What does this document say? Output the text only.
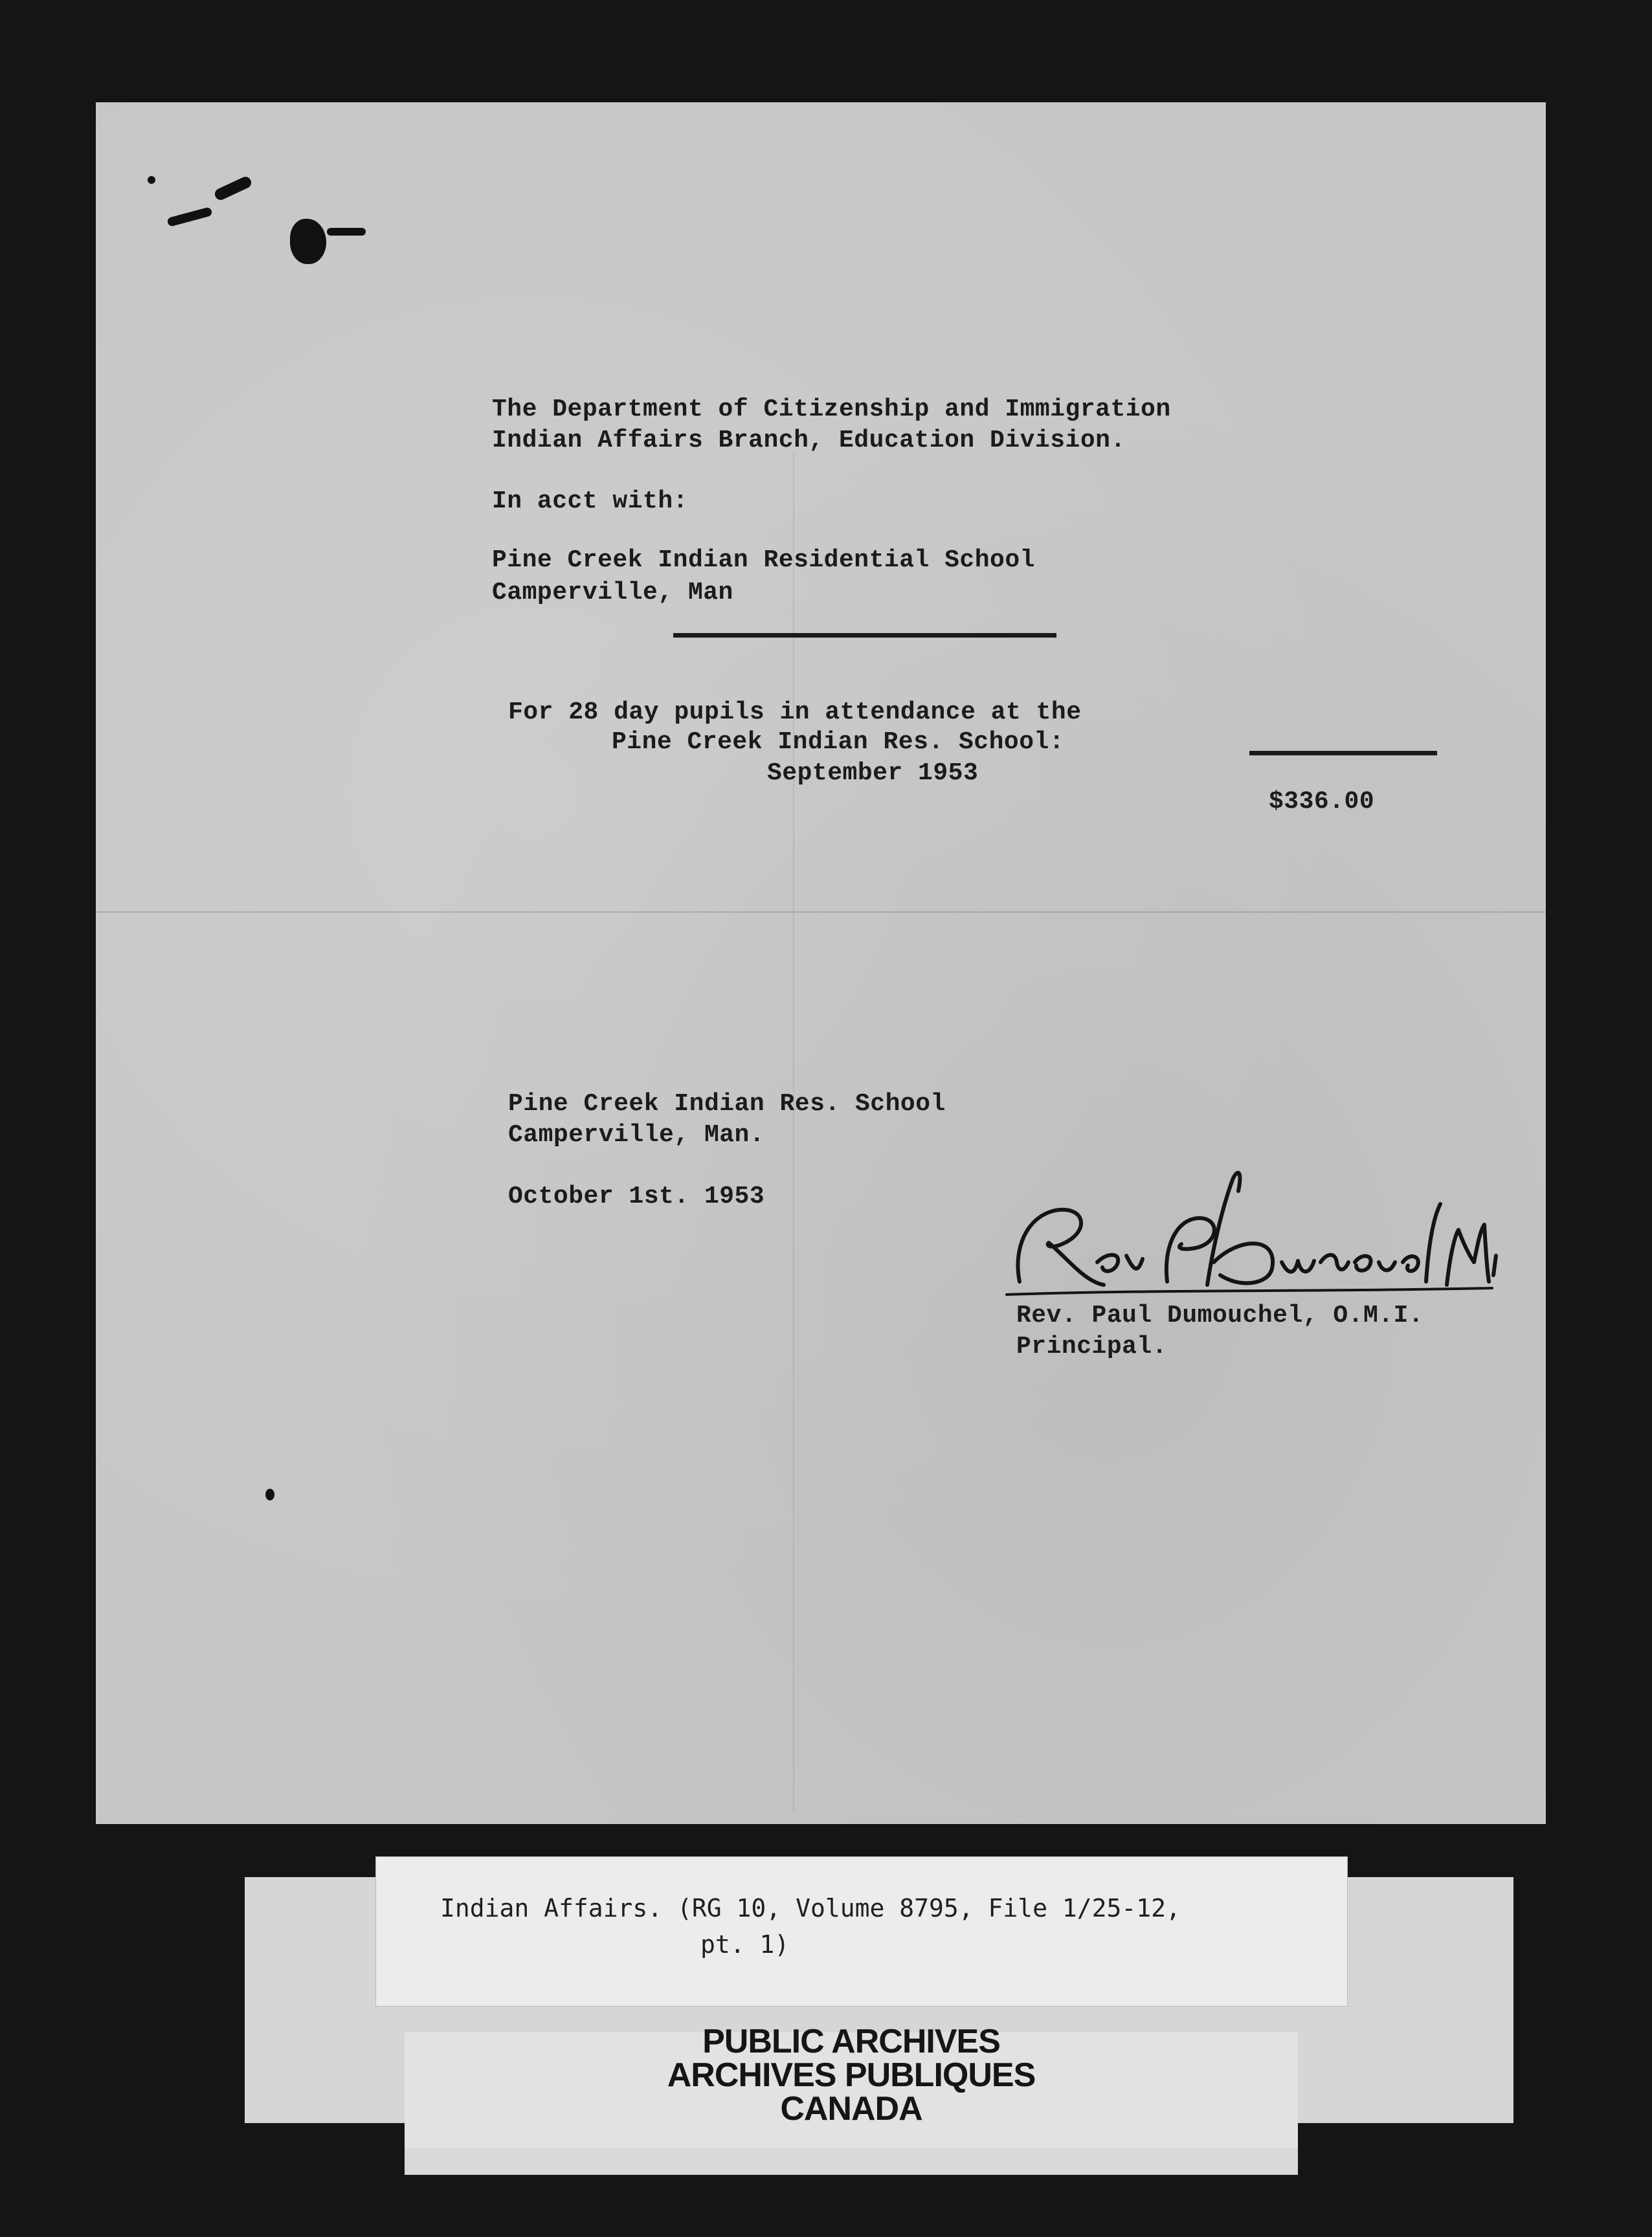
The Department of Citizenship and Immigration
Indian Affairs Branch, Education Division.
In acct with:
Pine Creek Indian Residential School
Camperville, Man
For 28 day pupils in attendance at the
Pine Creek Indian Res. School:
September 1953
$336.00
Pine Creek Indian Res. School
Camperville, Man.
October 1st. 1953
Rev. Paul Dumouchel, O.M.I.
Principal.
Indian Affairs. (RG 10, Volume 8795, File 1/25-12,
pt. 1)
PUBLIC ARCHIVES
ARCHIVES PUBLIQUES
CANADA
